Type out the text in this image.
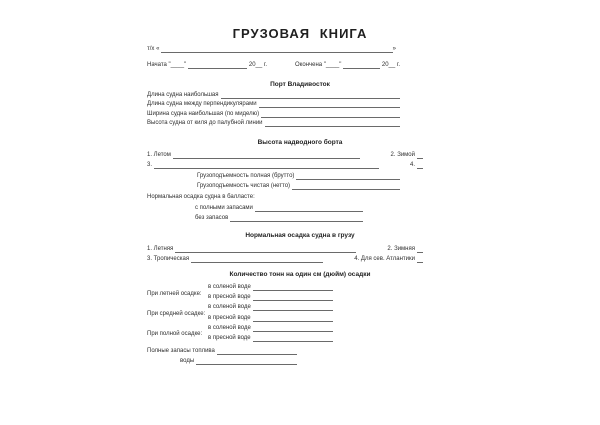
ГРУЗОВАЯ КНИГА
т/х «	»
Начата "____"	20__ г.	Окончена "____"	20__ г.
Порт Владивосток
Длина судна наибольшая
Длина судна между перпендикулярами
Ширина судна наибольшая (по миделю)
Высота судна от киля до палубной линии
Высота надводного борта
1. Летом	2. Зимой
3.	4.
Грузоподъемность полная (брутто)
Грузоподъемность чистая (нетто)
Нормальная осадка судна в балласте:
с полными запасами
без запасов
Нормальная осадка судна в грузу
1. Летняя	2. Зимняя
3. Тропическая	4. Для сев. Атлантики
Количество тонн на один см (дюйм) осадки
При летней осадке:
в соленой воде
в пресной воде
При средней осадке:
в соленой воде
в пресной воде
При полной осадке:
в соленой воде
в пресной воде
Полные запасы топлива
воды
